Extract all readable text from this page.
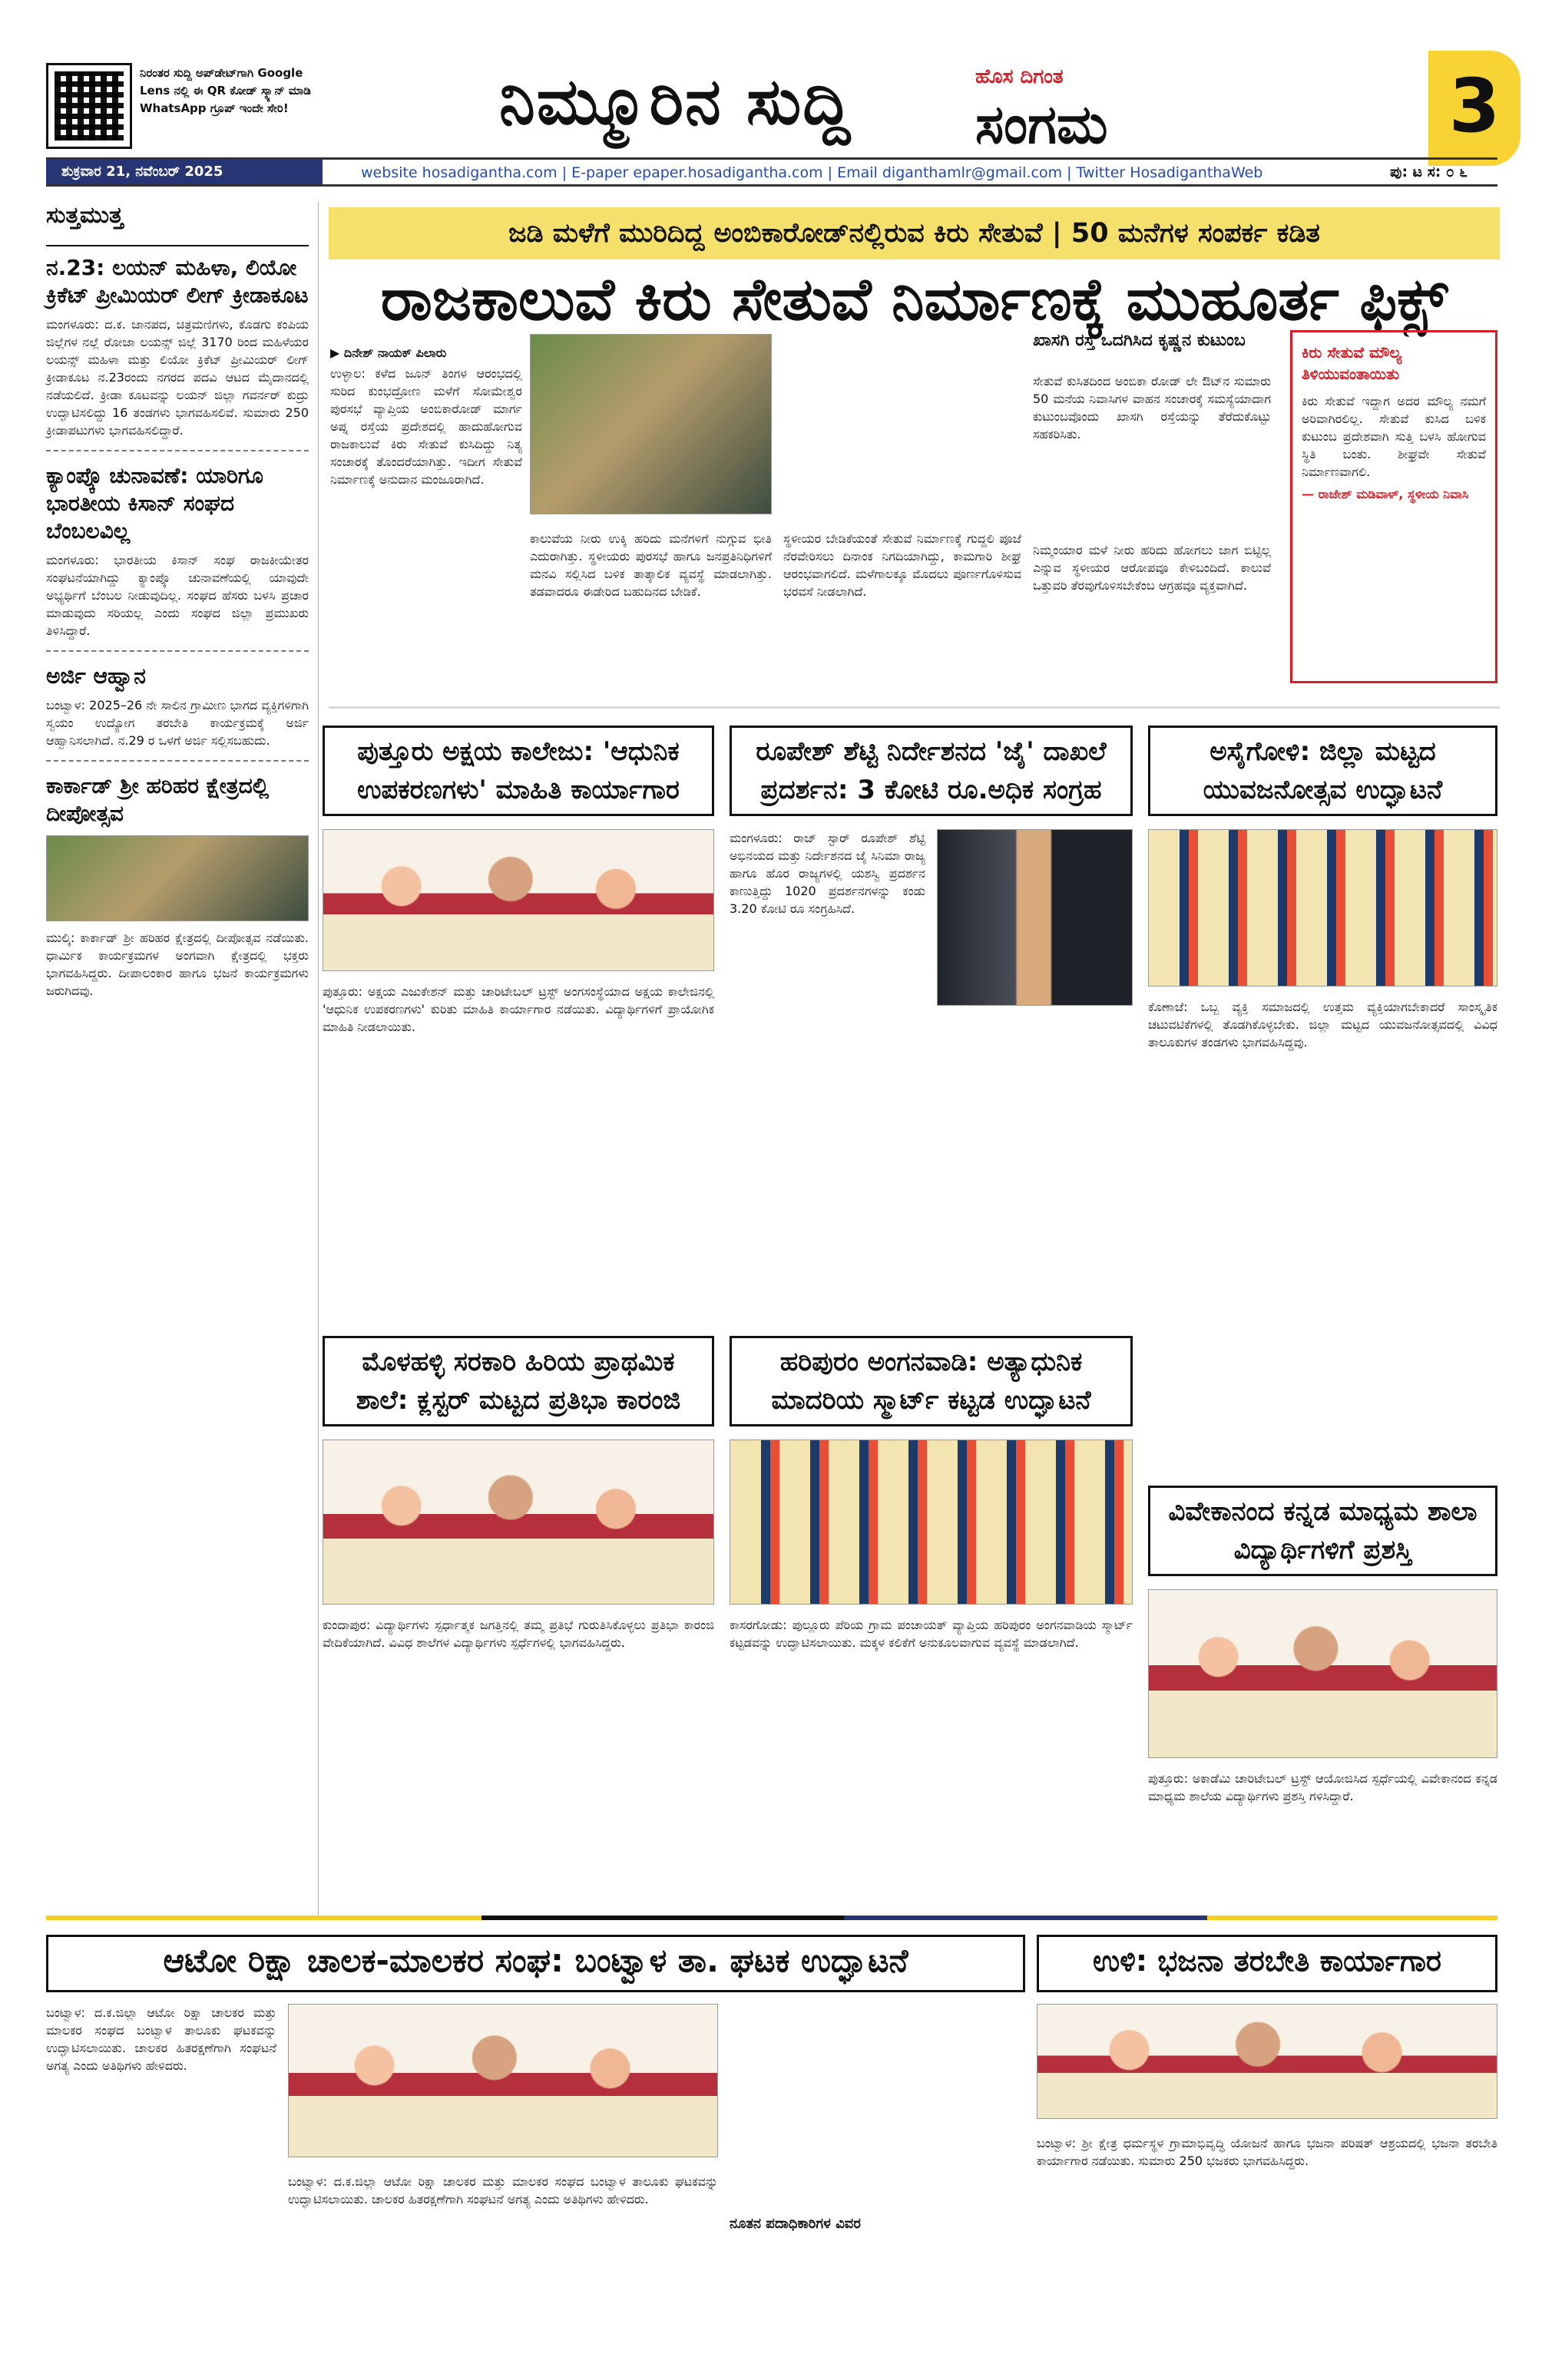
ನಿರಂತರ ಸುದ್ದಿ ಅಪ್‌ಡೇಟ್‌ಗಾಗಿ Google Lens ನಲ್ಲಿ ಈ QR ಕೋಡ್ ಸ್ಕ್ಯಾನ್ ಮಾಡಿ WhatsApp ಗ್ರೂಪ್ ಇಂದೇ ಸೇರಿ!	ನಿಮ್ಮೂರಿನ ಸುದ್ದಿ	ಹೊಸ ದಿಗಂತ
ಸಂಗಮ	3
ಶುಕ್ರವಾರ 21, ನವೆಂಬರ್ 2025	website hosadigantha.com | E-paper epaper.hosadigantha.com | Email diganthamlr@gmail.com | Twitter HosadiganthaWeb	ಪು: ಟ ಸ: ೦ ೬
ಸುತ್ತಮುತ್ತ
ನ.23: ಲಯನ್ ಮಹಿಳಾ, ಲಿಯೋ ಕ್ರಿಕೆಟ್ ಪ್ರೀಮಿಯರ್ ಲೀಗ್ ಕ್ರೀಡಾಕೂಟ
ಮಂಗಳೂರು: ದ.ಕ. ಜಾನಪದ, ಚಿತ್ರಮಣಿಗಳು, ಕೊಡಗು ಕಂಪಿಯ ಜಿಲ್ಲೆಗಳ ನಲ್ಲೆ ರೋಜಾ ಲಯನ್ಸ್ ಜಿಲ್ಲೆ 3170 ರಿಂದ ಮಹಿಳೆಯರ ಲಯನ್ಸ್ ಮಹಿಳಾ ಮತ್ತು ಲಿಯೋ ಕ್ರಿಕೆಟ್ ಪ್ರೀಮಿಯರ್ ಲೀಗ್ ಕ್ರೀಡಾಕೂಟ ನ.23ರಂದು ನಗರದ ಪದವಿ ಆಟದ ಮೈದಾನದಲ್ಲಿ ನಡೆಯಲಿದೆ. ಕ್ರೀಡಾ ಕೂಟವನ್ನು ಲಯನ್ ಜಿಲ್ಲಾ ಗವರ್ನರ್ ಕುದ್ರು ಉದ್ಘಾಟಿಸಲಿದ್ದು 16 ತಂಡಗಳು ಭಾಗವಹಿಸಲಿವೆ. ಸುಮಾರು 250 ಕ್ರೀಡಾಪಟುಗಳು ಭಾಗವಹಿಸಲಿದ್ದಾರೆ.
ಕ್ಯಾಂಪ್ಕೊ ಚುನಾವಣೆ: ಯಾರಿಗೂ ಭಾರತೀಯ ಕಿಸಾನ್ ಸಂಘದ ಬೆಂಬಲವಿಲ್ಲ
ಮಂಗಳೂರು: ಭಾರತೀಯ ಕಿಸಾನ್ ಸಂಘ ರಾಜಕೀಯೇತರ ಸಂಘಟನೆಯಾಗಿದ್ದು ಕ್ಯಾಂಪ್ಕೊ ಚುನಾವಣೆಯಲ್ಲಿ ಯಾವುದೇ ಅಭ್ಯರ್ಥಿಗೆ ಬೆಂಬಲ ನೀಡುವುದಿಲ್ಲ. ಸಂಘದ ಹೆಸರು ಬಳಸಿ ಪ್ರಚಾರ ಮಾಡುವುದು ಸರಿಯಲ್ಲ ಎಂದು ಸಂಘದ ಜಿಲ್ಲಾ ಪ್ರಮುಖರು ತಿಳಿಸಿದ್ದಾರೆ.
ಅರ್ಜಿ ಆಹ್ವಾನ
ಬಂಟ್ವಾಳ: 2025–26 ನೇ ಸಾಲಿನ ಗ್ರಾಮೀಣ ಭಾಗದ ವ್ಯಕ್ತಿಗಳಿಗಾಗಿ ಸ್ವಯಂ ಉದ್ಯೋಗ ತರಬೇತಿ ಕಾರ್ಯಕ್ರಮಕ್ಕೆ ಅರ್ಜಿ ಆಹ್ವಾನಿಸಲಾಗಿದೆ. ನ.29 ರ ಒಳಗೆ ಅರ್ಜಿ ಸಲ್ಲಿಸಬಹುದು.
ಕಾರ್ಕಾಡ್ ಶ್ರೀ ಹರಿಹರ ಕ್ಷೇತ್ರದಲ್ಲಿ ದೀಪೋತ್ಸವ
ಮುಲ್ಕಿ: ಕಾರ್ಕಾಡ್ ಶ್ರೀ ಹರಿಹರ ಕ್ಷೇತ್ರದಲ್ಲಿ ದೀಪೋತ್ಸವ ನಡೆಯಿತು. ಧಾರ್ಮಿಕ ಕಾರ್ಯಕ್ರಮಗಳ ಅಂಗವಾಗಿ ಕ್ಷೇತ್ರದಲ್ಲಿ ಭಕ್ತರು ಭಾಗವಹಿಸಿದ್ದರು. ದೀಪಾಲಂಕಾರ ಹಾಗೂ ಭಜನೆ ಕಾರ್ಯಕ್ರಮಗಳು ಜರುಗಿದವು.
ಜಡಿ ಮಳೆಗೆ ಮುರಿದಿದ್ದ ಅಂಬಿಕಾರೋಡ್‌ನಲ್ಲಿರುವ ಕಿರು ಸೇತುವೆ | 50 ಮನೆಗಳ ಸಂಪರ್ಕ ಕಡಿತ
ರಾಜಕಾಲುವೆ ಕಿರು ಸೇತುವೆ ನಿರ್ಮಾಣಕ್ಕೆ ಮುಹೂರ್ತ ಫಿಕ್ಸ್
▶ ದಿನೇಶ್ ನಾಯಕ್ ಪಿಲಾರು
ಉಳ್ಳಾಲ: ಕಳೆದ ಜೂನ್ ತಿಂಗಳ ಆರಂಭದಲ್ಲಿ ಸುರಿದ ಕುಂಭದ್ರೋಣ ಮಳೆಗೆ ಸೋಮೇಶ್ವರ ಪುರಸಭೆ ವ್ಯಾಪ್ತಿಯ ಅಂಬಿಕಾರೋಡ್ ಮಾರ್ಗ ಅಪ್ನ ರಸ್ತೆಯ ಪ್ರದೇಶದಲ್ಲಿ ಹಾದುಹೋಗುವ ರಾಜಕಾಲುವೆ ಕಿರು ಸೇತುವೆ ಕುಸಿದಿದ್ದು ನಿತ್ಯ ಸಂಚಾರಕ್ಕೆ ತೊಂದರೆಯಾಗಿತ್ತು. ಇದೀಗ ಸೇತುವೆ ನಿರ್ಮಾಣಕ್ಕೆ ಅನುದಾನ ಮಂಜೂರಾಗಿದೆ.
ಕಾಲುವೆಯ ನೀರು ಉಕ್ಕಿ ಹರಿದು ಮನೆಗಳಿಗೆ ನುಗ್ಗುವ ಭೀತಿ ಎದುರಾಗಿತ್ತು. ಸ್ಥಳೀಯರು ಪುರಸಭೆ ಹಾಗೂ ಜನಪ್ರತಿನಿಧಿಗಳಿಗೆ ಮನವಿ ಸಲ್ಲಿಸಿದ ಬಳಿಕ ತಾತ್ಕಾಲಿಕ ವ್ಯವಸ್ಥೆ ಮಾಡಲಾಗಿತ್ತು. ತಡವಾದರೂ ಈಡೇರಿದ ಬಹುದಿನದ ಬೇಡಿಕೆ.
ಸ್ಥಳೀಯರ ಬೇಡಿಕೆಯಂತೆ ಸೇತುವೆ ನಿರ್ಮಾಣಕ್ಕೆ ಗುದ್ದಲಿ ಪೂಜೆ ನೆರವೇರಿಸಲು ದಿನಾಂಕ ನಿಗದಿಯಾಗಿದ್ದು, ಕಾಮಗಾರಿ ಶೀಘ್ರ ಆರಂಭವಾಗಲಿದೆ. ಮಳೆಗಾಲಕ್ಕೂ ಮೊದಲು ಪೂರ್ಣಗೊಳಿಸುವ ಭರವಸೆ ನೀಡಲಾಗಿದೆ.
ಖಾಸಗಿ ರಸ್ತೆ ಒದಗಿಸಿದ ಕೃಷ್ಣನ ಕುಟುಂಬ
ಸೇತುವೆ ಕುಸಿತದಿಂದ ಅಂಬಿಕಾ ರೋಡ್ ಲೇ ಔಟ್‌ನ ಸುಮಾರು 50 ಮನೆಯ ನಿವಾಸಿಗಳ ವಾಹನ ಸಂಚಾರಕ್ಕೆ ಸಮಸ್ಯೆಯಾದಾಗ ಕುಟುಂಬವೊಂದು ಖಾಸಗಿ ರಸ್ತೆಯನ್ನು ತೆರೆದುಕೊಟ್ಟು ಸಹಕರಿಸಿತು.
ನಿಮ್ಮಂಯಾರ ಮಳೆ ನೀರು ಹರಿದು ಹೋಗಲು ಜಾಗ ಬಿಟ್ಟಿಲ್ಲ ಎನ್ನುವ ಸ್ಥಳೀಯರ ಆರೋಪವೂ ಕೇಳಿಬಂದಿದೆ. ಕಾಲುವೆ ಒತ್ತುವರಿ ತೆರವುಗೊಳಿಸಬೇಕೆಂಬ ಆಗ್ರಹವೂ ವ್ಯಕ್ತವಾಗಿದೆ.
ಕಿರು ಸೇತುವೆ ಮೌಲ್ಯ ತಿಳಿಯುವಂತಾಯಿತು

ಕಿರು ಸೇತುವೆ ಇದ್ದಾಗ ಅದರ ಮೌಲ್ಯ ನಮಗೆ ಅರಿವಾಗಿರಲಿಲ್ಲ. ಸೇತುವೆ ಕುಸಿದ ಬಳಿಕ ಕುಟುಂಬ ಪ್ರದೇಶವಾಗಿ ಸುತ್ತಿ ಬಳಸಿ ಹೋಗುವ ಸ್ಥಿತಿ ಬಂತು. ಶೀಘ್ರವೇ ಸೇತುವೆ ನಿರ್ಮಾಣವಾಗಲಿ.

— ರಾಜೇಶ್ ಮಡಿವಾಳ್, ಸ್ಥಳೀಯ ನಿವಾಸಿ

ಪುತ್ತೂರು ಅಕ್ಷಯ ಕಾಲೇಜು: 'ಆಧುನಿಕ ಉಪಕರಣಗಳು' ಮಾಹಿತಿ ಕಾರ್ಯಾಗಾರ
ಪುತ್ತೂರು: ಅಕ್ಷಯ ಎಜುಕೇಶನ್ ಮತ್ತು ಚಾರಿಟೇಬಲ್ ಟ್ರಸ್ಟ್ ಅಂಗಸಂಸ್ಥೆಯಾದ ಅಕ್ಷಯ ಕಾಲೇಜಿನಲ್ಲಿ 'ಆಧುನಿಕ ಉಪಕರಣಗಳು' ಕುರಿತು ಮಾಹಿತಿ ಕಾರ್ಯಾಗಾರ ನಡೆಯಿತು. ವಿದ್ಯಾರ್ಥಿಗಳಿಗೆ ಪ್ರಾಯೋಗಿಕ ಮಾಹಿತಿ ನೀಡಲಾಯಿತು.
ರೂಪೇಶ್ ಶೆಟ್ಟಿ ನಿರ್ದೇಶನದ 'ಜೈ' ದಾಖಲೆ ಪ್ರದರ್ಶನ: 3 ಕೋಟಿ ರೂ.ಅಧಿಕ ಸಂಗ್ರಹ
ಮಂಗಳೂರು: ರಾಜ್ ಸ್ಟಾರ್ ರೂಪೇಶ್ ಶೆಟ್ಟಿ ಅಭಿನಯದ ಮತ್ತು ನಿರ್ದೇಶನದ ಜೈ ಸಿನಿಮಾ ರಾಜ್ಯ ಹಾಗೂ ಹೊರ ರಾಜ್ಯಗಳಲ್ಲಿ ಯಶಸ್ವಿ ಪ್ರದರ್ಶನ ಕಾಣುತ್ತಿದ್ದು 1020 ಪ್ರದರ್ಶನಗಳನ್ನು ಕಂಡು 3.20 ಕೋಟಿ ರೂ ಸಂಗ್ರಹಿಸಿದೆ.
ಅಸೈಗೋಳಿ: ಜಿಲ್ಲಾ ಮಟ್ಟದ ಯುವಜನೋತ್ಸವ ಉದ್ಘಾಟನೆ
ಕೊಣಾಜೆ: ಒಬ್ಬ ವ್ಯಕ್ತಿ ಸಮಾಜದಲ್ಲಿ ಉತ್ತಮ ವ್ಯಕ್ತಿಯಾಗಬೇಕಾದರೆ ಸಾಂಸ್ಕೃತಿಕ ಚಟುವಟಿಕೆಗಳಲ್ಲಿ ತೊಡಗಿಕೊಳ್ಳಬೇಕು. ಜಿಲ್ಲಾ ಮಟ್ಟದ ಯುವಜನೋತ್ಸವದಲ್ಲಿ ವಿವಿಧ ತಾಲೂಕುಗಳ ತಂಡಗಳು ಭಾಗವಹಿಸಿದ್ದವು.
ಮೊಳಹಳ್ಳಿ ಸರಕಾರಿ ಹಿರಿಯ ಪ್ರಾಥಮಿಕ ಶಾಲೆ: ಕ್ಲಸ್ಟರ್ ಮಟ್ಟದ ಪ್ರತಿಭಾ ಕಾರಂಜಿ
ಕುಂದಾಪುರ: ವಿದ್ಯಾರ್ಥಿಗಳು ಸ್ಪರ್ಧಾತ್ಮಕ ಜಗತ್ತಿನಲ್ಲಿ ತಮ್ಮ ಪ್ರತಿಭೆ ಗುರುತಿಸಿಕೊಳ್ಳಲು ಪ್ರತಿಭಾ ಕಾರಂಜಿ ವೇದಿಕೆಯಾಗಿದೆ. ವಿವಿಧ ಶಾಲೆಗಳ ವಿದ್ಯಾರ್ಥಿಗಳು ಸ್ಪರ್ಧೆಗಳಲ್ಲಿ ಭಾಗವಹಿಸಿದ್ದರು.
ಹರಿಪುರಂ ಅಂಗನವಾಡಿ: ಅತ್ಯಾಧುನಿಕ ಮಾದರಿಯ ಸ್ಮಾರ್ಟ್ ಕಟ್ಟಡ ಉದ್ಘಾಟನೆ
ಕಾಸರಗೋಡು: ಪುಲ್ಲೂರು ಪೆರಿಯ ಗ್ರಾಮ ಪಂಚಾಯತ್ ವ್ಯಾಪ್ತಿಯ ಹರಿಪುರಂ ಅಂಗನವಾಡಿಯ ಸ್ಮಾರ್ಟ್ ಕಟ್ಟಡವನ್ನು ಉದ್ಘಾಟಿಸಲಾಯಿತು. ಮಕ್ಕಳ ಕಲಿಕೆಗೆ ಅನುಕೂಲವಾಗುವ ವ್ಯವಸ್ಥೆ ಮಾಡಲಾಗಿದೆ.
ವಿವೇಕಾನಂದ ಕನ್ನಡ ಮಾಧ್ಯಮ ಶಾಲಾ ವಿದ್ಯಾರ್ಥಿಗಳಿಗೆ ಪ್ರಶಸ್ತಿ
ಪುತ್ತೂರು: ಅಕಾಡೆಮಿ ಚಾರಿಟೇಬಲ್ ಟ್ರಸ್ಟ್ ಆಯೋಜಿಸಿದ ಸ್ಪರ್ಧೆಯಲ್ಲಿ ವಿವೇಕಾನಂದ ಕನ್ನಡ ಮಾಧ್ಯಮ ಶಾಲೆಯ ವಿದ್ಯಾರ್ಥಿಗಳು ಪ್ರಶಸ್ತಿ ಗಳಿಸಿದ್ದಾರೆ.
ಆಟೋ ರಿಕ್ಷಾ ಚಾಲಕ-ಮಾಲಕರ ಸಂಘ: ಬಂಟ್ವಾಳ ತಾ. ಘಟಕ ಉದ್ಘಾಟನೆ
ಬಂಟ್ವಾಳ: ದ.ಕ.ಜಿಲ್ಲಾ ಆಟೋ ರಿಕ್ಷಾ ಚಾಲಕರ ಮತ್ತು ಮಾಲಕರ ಸಂಘದ ಬಂಟ್ವಾಳ ತಾಲೂಕು ಘಟಕವನ್ನು ಉದ್ಘಾಟಿಸಲಾಯಿತು. ಚಾಲಕರ ಹಿತರಕ್ಷಣೆಗಾಗಿ ಸಂಘಟನೆ ಅಗತ್ಯ ಎಂದು ಅತಿಥಿಗಳು ಹೇಳಿದರು.
ಬಂಟ್ವಾಳ: ದ.ಕ.ಜಿಲ್ಲಾ ಆಟೋ ರಿಕ್ಷಾ ಚಾಲಕರ ಮತ್ತು ಮಾಲಕರ ಸಂಘದ ಬಂಟ್ವಾಳ ತಾಲೂಕು ಘಟಕವನ್ನು ಉದ್ಘಾಟಿಸಲಾಯಿತು. ಚಾಲಕರ ಹಿತರಕ್ಷಣೆಗಾಗಿ ಸಂಘಟನೆ ಅಗತ್ಯ ಎಂದು ಅತಿಥಿಗಳು ಹೇಳಿದರು.
ನೂತನ ಪದಾಧಿಕಾರಿಗಳ ವಿವರ
ಉಳಿ: ಭಜನಾ ತರಬೇತಿ ಕಾರ್ಯಾಗಾರ
ಬಂಟ್ವಾಳ: ಶ್ರೀ ಕ್ಷೇತ್ರ ಧರ್ಮಸ್ಥಳ ಗ್ರಾಮಾಭಿವೃದ್ಧಿ ಯೋಜನೆ ಹಾಗೂ ಭಜನಾ ಪರಿಷತ್ ಆಶ್ರಯದಲ್ಲಿ ಭಜನಾ ತರಬೇತಿ ಕಾರ್ಯಾಗಾರ ನಡೆಯಿತು. ಸುಮಾರು 250 ಭಜಕರು ಭಾಗವಹಿಸಿದ್ದರು.
